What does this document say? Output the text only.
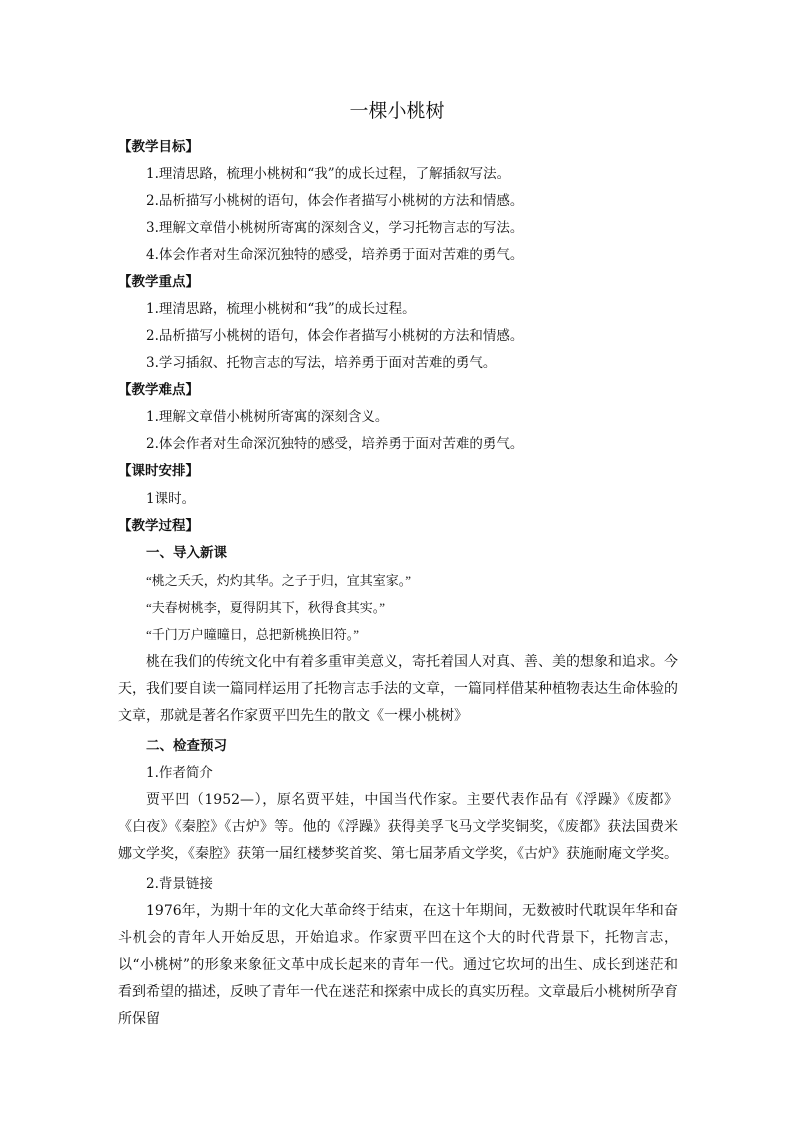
一棵小桃树
【教学目标】
1.理清思路，梳理小桃树和“我”的成长过程，了解插叙写法。
2.品析描写小桃树的语句，体会作者描写小桃树的方法和情感。
3.理解文章借小桃树所寄寓的深刻含义，学习托物言志的写法。
4.体会作者对生命深沉独特的感受，培养勇于面对苦难的勇气。
【教学重点】
1.理清思路，梳理小桃树和“我”的成长过程。
2.品析描写小桃树的语句，体会作者描写小桃树的方法和情感。
3.学习插叙、托物言志的写法，培养勇于面对苦难的勇气。
【教学难点】
1.理解文章借小桃树所寄寓的深刻含义。
2.体会作者对生命深沉独特的感受，培养勇于面对苦难的勇气。
【课时安排】
1课时。
【教学过程】
一、导入新课
“桃之夭夭，灼灼其华。之子于归，宜其室家。”
“夫春树桃李，夏得阴其下，秋得食其实。”
“千门万户曈曈日，总把新桃换旧符。”
桃在我们的传统文化中有着多重审美意义，寄托着国人对真、善、美的想象和追求。今天，我们要自读一篇同样运用了托物言志手法的文章，一篇同样借某种植物表达生命体验的文章，那就是著名作家贾平凹先生的散文《一棵小桃树》
二、检查预习
1.作者简介
贾平凹（1952—），原名贾平娃，中国当代作家。主要代表作品有《浮躁》《废都》《白夜》《秦腔》《古炉》等。他的《浮躁》获得美孚飞马文学奖铜奖，《废都》获法国费米娜文学奖，《秦腔》获第一届红楼梦奖首奖、第七届茅盾文学奖，《古炉》获施耐庵文学奖。
2.背景链接
1976年，为期十年的文化大革命终于结束，在这十年期间，无数被时代耽误年华和奋斗机会的青年人开始反思，开始追求。作家贾平凹在这个大的时代背景下，托物言志，以“小桃树”的形象来象征文革中成长起来的青年一代。通过它坎坷的出生、成长到迷茫和看到希望的描述，反映了青年一代在迷茫和探索中成长的真实历程。文章最后小桃树所孕育所保留
